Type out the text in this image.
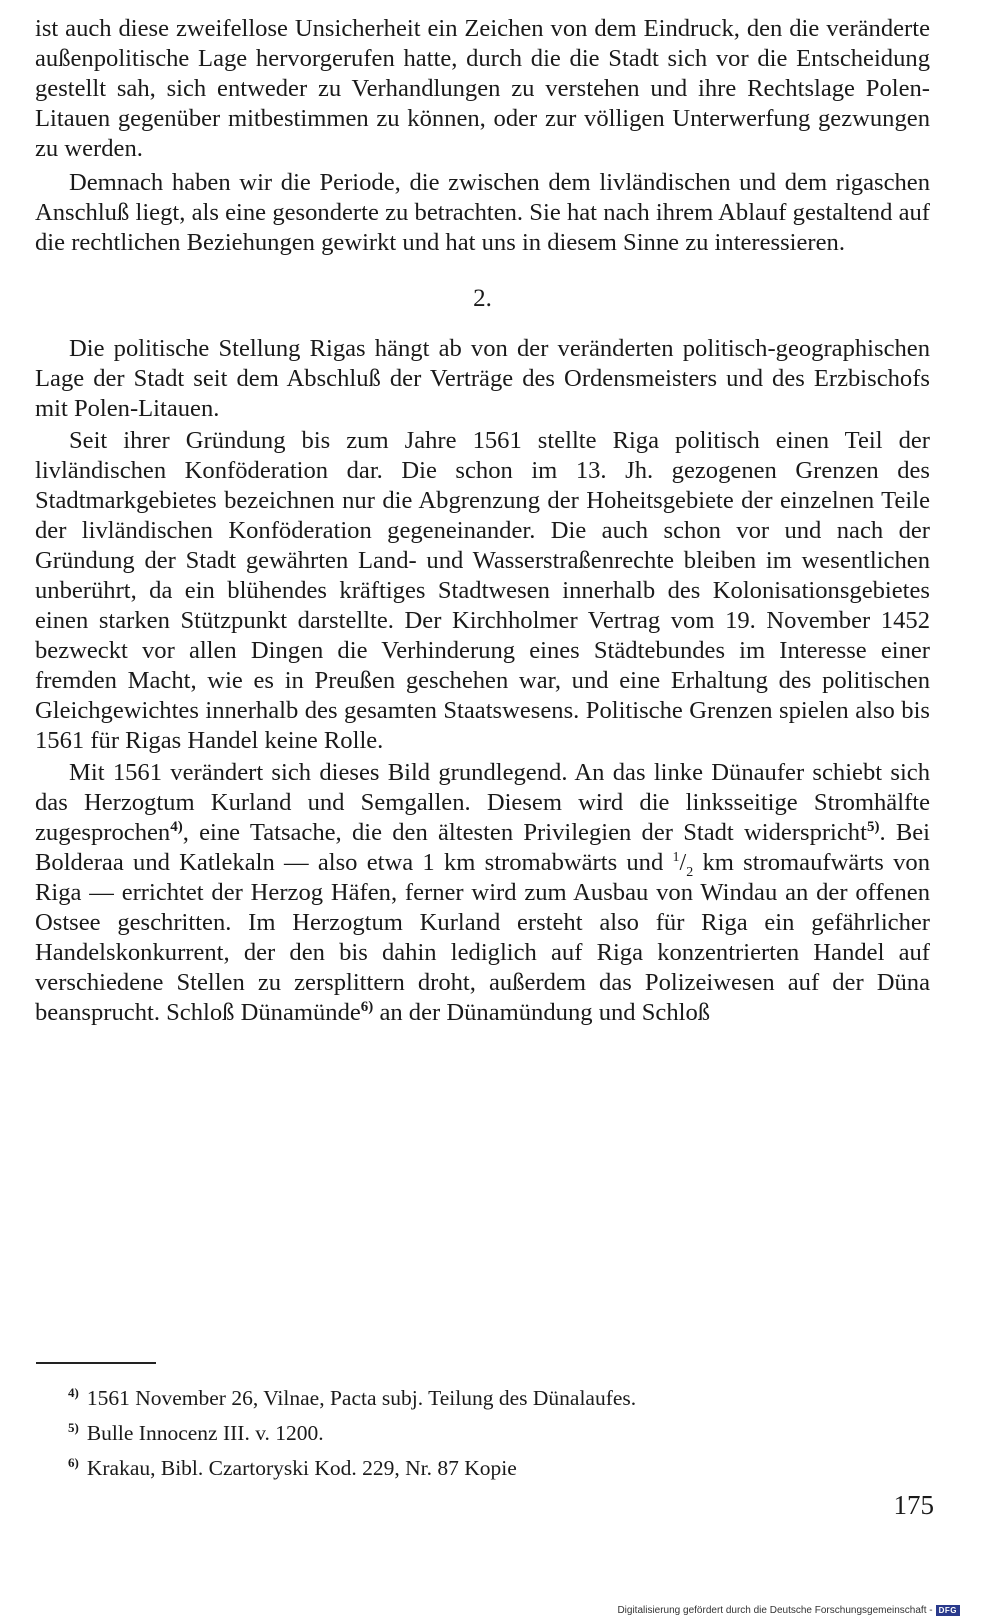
ist auch diese zweifellose Unsicherheit ein Zeichen von dem Eindruck, den die veränderte außenpolitische Lage hervorgerufen hatte, durch die die Stadt sich vor die Entscheidung gestellt sah, sich entweder zu Verhandlungen zu verstehen und ihre Rechtslage Polen-Litauen gegenüber mitbestimmen zu können, oder zur völligen Unterwerfung gezwungen zu werden.

Demnach haben wir die Periode, die zwischen dem livländischen und dem rigaschen Anschluß liegt, als eine gesonderte zu betrachten. Sie hat nach ihrem Ablauf gestaltend auf die rechtlichen Beziehungen gewirkt und hat uns in diesem Sinne zu interessieren.

2.

Die politische Stellung Rigas hängt ab von der veränderten politisch-geographischen Lage der Stadt seit dem Abschluß der Verträge des Ordensmeisters und des Erzbischofs mit Polen-Litauen.

Seit ihrer Gründung bis zum Jahre 1561 stellte Riga politisch einen Teil der livländischen Konföderation dar. Die schon im 13. Jh. gezogenen Grenzen des Stadtmarkgebietes bezeichnen nur die Abgrenzung der Hoheitsgebiete der einzelnen Teile der livländischen Konföderation gegeneinander. Die auch schon vor und nach der Gründung der Stadt gewährten Land- und Wasserstraßenrechte bleiben im wesentlichen unberührt, da ein blühendes kräftiges Stadtwesen innerhalb des Kolonisationsgebietes einen starken Stützpunkt darstellte. Der Kirchholmer Vertrag vom 19. November 1452 bezweckt vor allen Dingen die Verhinderung eines Städtebundes im Interesse einer fremden Macht, wie es in Preußen geschehen war, und eine Erhaltung des politischen Gleichgewichtes innerhalb des gesamten Staatswesens. Politische Grenzen spielen also bis 1561 für Rigas Handel keine Rolle.

Mit 1561 verändert sich dieses Bild grundlegend. An das linke Dünaufer schiebt sich das Herzogtum Kurland und Semgallen. Diesem wird die linksseitige Stromhälfte zugesprochen$^{4)}$, eine Tatsache, die den ältesten Privilegien der Stadt widerspricht$^{5)}$. Bei Bolderaa und Katlekaln — also etwa 1 km stromabwärts und $^1/_2$ km stromaufwärts von Riga — errichtet der Herzog Häfen, ferner wird zum Ausbau von Windau an der offenen Ostsee geschritten. Im Herzogtum Kurland ersteht also für Riga ein gefährlicher Handelskonkurrent, der den bis dahin lediglich auf Riga konzentrierten Handel auf verschiedene Stellen zu zersplittern droht, außerdem das Polizeiwesen auf der Düna beansprucht. Schloß Dünamünde$^{6)}$ an der Dünamündung und Schloß

$^{4)}$ 1561 November 26, Vilnae, Pacta subj. Teilung des Dünalaufes.

$^{5)}$ Bulle Innocenz III. v. 1200.

$^{6)}$ Krakau, Bibl. Czartoryski Kod. 229, Nr. 87 Kopie

175
Digitalisierung gefördert durch die Deutsche Forschungsgemeinschaft - DFG
